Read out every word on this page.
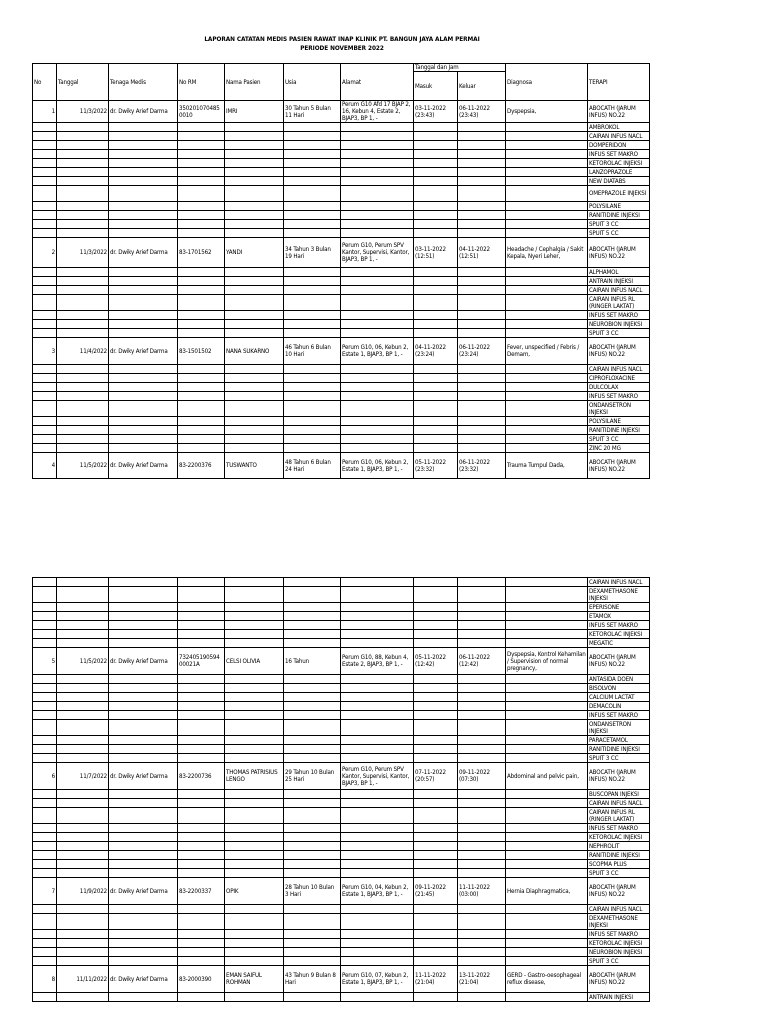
LAPORAN CATATAN MEDIS PASIEN RAWAT INAP KLINIK PT. BANGUN JAYA ALAM PERMAI
PERIODE NOVEMBER 2022
No	Tanggal	Tenaga Medis	No RM	Nama Pasien	Usia	Alamat	Tanggal dan Jam		Diagnosa	TERAPI
							Masuk	Keluar		
1	11/3/2022	dr. Dwiky Arief Darma	350201070485 0010	IMRI	30 Tahun 5 Bulan 11 Hari	Perum G10 Afd 17 BJAP 2, 16, Kebun 4, Estate 2, BJAP3, BP 1, -	03-11-2022 (23:43)	06-11-2022 (23:43)	Dyspepsia,	ABOCATH (JARUM INFUS) NO.22
										AMBROKOL
										CAIRAN INFUS NACL
										DOMPERIDON
										INFUS SET MAKRO
										KETOROLAC INJEKSI
										LANZOPRAZOLE
										NEW DIATABS
										OMEPRAZOLE INJEKSI
										POLYSILANE
										RANITIDINE INJEKSI
										SPUIT 3 CC
										SPUIT 5 CC
2	11/3/2022	dr. Dwiky Arief Darma	83-1701562	YANDI	34 Tahun 3 Bulan 19 Hari	Perum G10, Perum SPV Kantor, Supervisi, Kantor, BJAP3, BP 1, -	03-11-2022 (12:51)	04-11-2022 (12:51)	Headache / Cephalgia / Sakit Kepala, Nyeri Leher,	ABOCATH (JARUM INFUS) NO.22
										ALPHAMOL
										ANTRAIN INJEKSI
										CAIRAN INFUS NACL
										CAIRAN INFUS RL (RINGER LAKTAT)
										INFUS SET MAKRO
										NEUROBION INJEKSI
										SPUIT 3 CC
3	11/4/2022	dr. Dwiky Arief Darma	83-1501502	NANA SUKARNO	46 Tahun 6 Bulan 10 Hari	Perum G10, 06, Kebun 2, Estate 1, BJAP3, BP 1, -	04-11-2022 (23:24)	06-11-2022 (23:24)	Fever, unspecified / Febris / Demam,	ABOCATH (JARUM INFUS) NO.22
										CAIRAN INFUS NACL
										CIPROFLOXACINE
										DULCOLAX
										INFUS SET MAKRO
										ONDANSETRON INJEKSI
										POLYSILANE
										RANITIDINE INJEKSI
										SPUIT 3 CC
										ZINC 20 MG
4	11/5/2022	dr. Dwiky Arief Darma	83-2200376	TUSWANTO	48 Tahun 6 Bulan 24 Hari	Perum G10, 06, Kebun 2, Estate 1, BJAP3, BP 1, -	05-11-2022 (23:32)	06-11-2022 (23:32)	Trauma Tumpul Dada,	ABOCATH (JARUM INFUS) NO.22
										CAIRAN INFUS NACL
										DEXAMETHASONE INJEKSI
										EPERISONE
										ETAMOX
										INFUS SET MAKRO
										KETOROLAC INJEKSI
										MEGATIC
5	11/5/2022	dr. Dwiky Arief Darma	732405190594 00021A	CELSI OLIVIA	16 Tahun	Perum G10, 88, Kebun 4, Estate 2, BJAP3, BP 1, -	05-11-2022 (12:42)	06-11-2022 (12:42)	Dyspepsia, Kontrol Kehamilan / Supervision of normal pregnancy,	ABOCATH (JARUM INFUS) NO.22
										ANTASIDA DOEN
										BISOLVON
										CALCIUM LACTAT
										DEMACOLIN
										INFUS SET MAKRO
										ONDANSETRON INJEKSI
										PARACETAMOL
										RANITIDINE INJEKSI
										SPUIT 3 CC
6	11/7/2022	dr. Dwiky Arief Darma	83-2200736	THOMAS PATRISIUS LENGO	29 Tahun 10 Bulan 25 Hari	Perum G10, Perum SPV Kantor, Supervisi, Kantor, BJAP3, BP 1, -	07-11-2022 (20:57)	09-11-2022 (07:30)	Abdominal and pelvic pain,	ABOCATH (JARUM INFUS) NO.22
										BUSCOPAN INJEKSI
										CAIRAN INFUS NACL
										CAIRAN INFUS RL (RINGER LAKTAT)
										INFUS SET MAKRO
										KETOROLAC INJEKSI
										NEPHROLIT
										RANITIDINE INJEKSI
										SCOPMA PLUS
										SPUIT 3 CC
7	11/9/2022	dr. Dwiky Arief Darma	83-2200337	OPIK	28 Tahun 10 Bulan 3 Hari	Perum G10, 04, Kebun 2, Estate 1, BJAP3, BP 1, -	09-11-2022 (21:45)	11-11-2022 (03:00)	Hernia Diaphragmatica,	ABOCATH (JARUM INFUS) NO.22
										CAIRAN INFUS NACL
										DEXAMETHASONE INJEKSI
										INFUS SET MAKRO
										KETOROLAC INJEKSI
										NEUROBION INJEKSI
										SPUIT 3 CC
8	11/11/2022	dr. Dwiky Arief Darma	83-2000390	EMAN SAIFUL ROHMAN	43 Tahun 9 Bulan 8 Hari	Perum G10, 07, Kebun 2, Estate 1, BJAP3, BP 1, -	11-11-2022 (21:04)	13-11-2022 (21:04)	GERD - Gastro-oesophageal reflux disease,	ABOCATH (JARUM INFUS) NO.22
										ANTRAIN INJEKSI
